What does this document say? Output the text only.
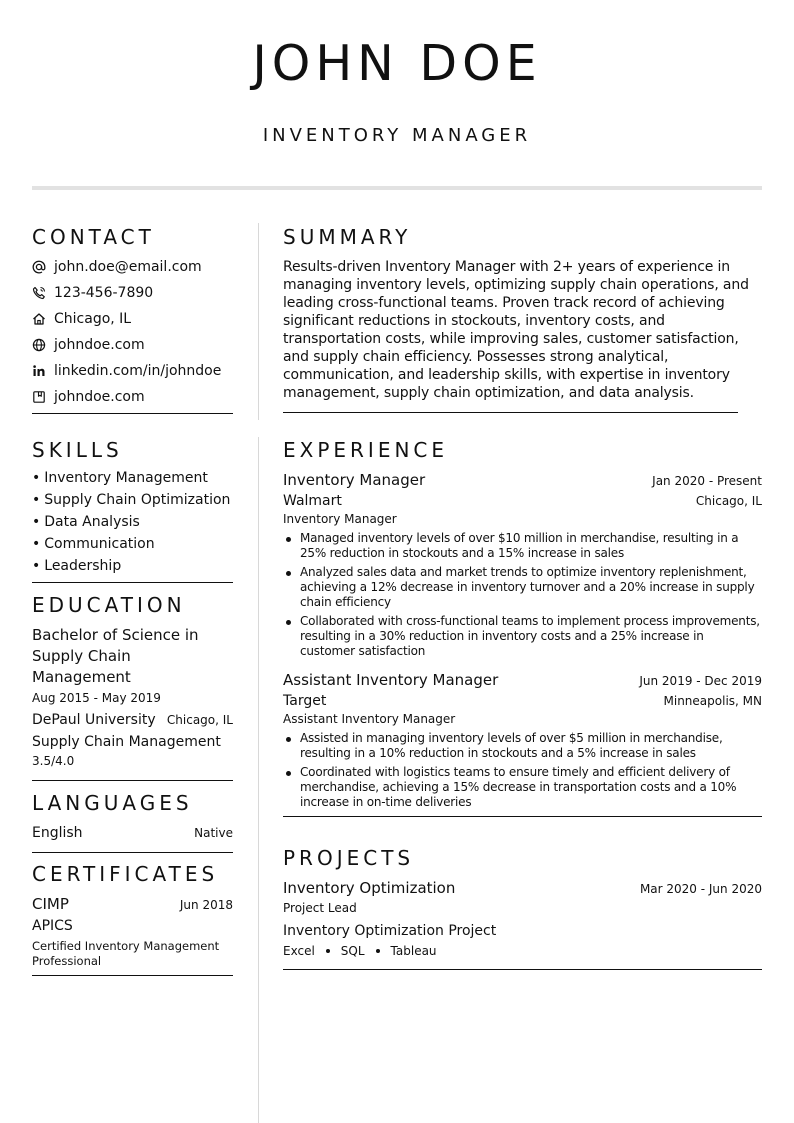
JOHN DOE
INVENTORY MANAGER
CONTACT
john.doe@email.com
123-456-7890
Chicago, IL
johndoe.com
linkedin.com/in/johndoe
johndoe.com
SKILLS
• Inventory Management
• Supply Chain Optimization
• Data Analysis
• Communication
• Leadership
EDUCATION
Bachelor of Science in Supply Chain Management
Aug 2015 - May 2019
DePaul University Chicago, IL
Supply Chain Management
3.5/4.0
LANGUAGES
English	Native
CERTIFICATES
CIMP	Jun 2018
APICS
Certified Inventory Management Professional
SUMMARY

Results-driven Inventory Manager with 2+ years of experience in managing inventory levels, optimizing supply chain operations, and leading cross-functional teams. Proven track record of achieving significant reductions in stockouts, inventory costs, and transportation costs, while improving sales, customer satisfaction, and supply chain efficiency. Possesses strong analytical, communication, and leadership skills, with expertise in inventory management, supply chain optimization, and data analysis.

EXPERIENCE
Inventory Manager	Jan 2020 - Present
Walmart	Chicago, IL
Inventory Manager
Managed inventory levels of over $10 million in merchandise, resulting in a 25% reduction in stockouts and a 15% increase in sales
Analyzed sales data and market trends to optimize inventory replenishment, achieving a 12% decrease in inventory turnover and a 20% increase in supply chain efficiency
Collaborated with cross-functional teams to implement process improvements, resulting in a 30% reduction in inventory costs and a 25% increase in customer satisfaction
Assistant Inventory Manager	Jun 2019 - Dec 2019
Target	Minneapolis, MN
Assistant Inventory Manager
Assisted in managing inventory levels of over $5 million in merchandise, resulting in a 10% reduction in stockouts and a 5% increase in sales
Coordinated with logistics teams to ensure timely and efficient delivery of merchandise, achieving a 15% decrease in transportation costs and a 10% increase in on-time deliveries
PROJECTS
Inventory Optimization	Mar 2020 - Jun 2020
Project Lead
Inventory Optimization Project
Excel SQL Tableau
